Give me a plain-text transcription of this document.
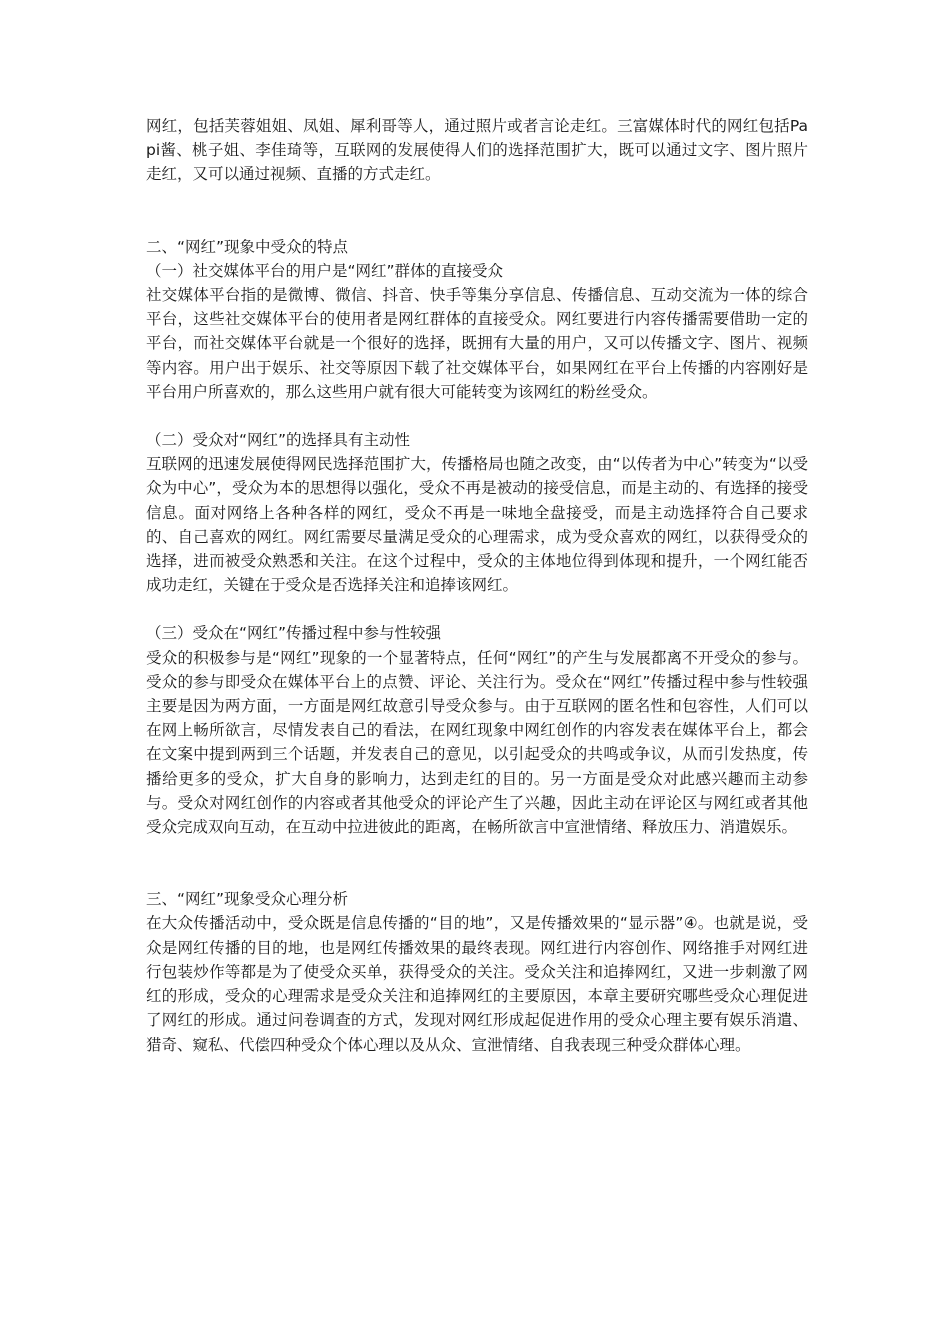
网红，包括芙蓉姐姐、凤姐、犀利哥等人，通过照片或者言论走红。三富媒体时代的网红包括Papi酱、桃子姐、李佳琦等，互联网的发展使得人们的选择范围扩大，既可以通过文字、图片照片走红，又可以通过视频、直播的方式走红。

二、“网红”现象中受众的特点

（一）社交媒体平台的用户是“网红”群体的直接受众

社交媒体平台指的是微博、微信、抖音、快手等集分享信息、传播信息、互动交流为一体的综合平台，这些社交媒体平台的使用者是网红群体的直接受众。网红要进行内容传播需要借助一定的平台，而社交媒体平台就是一个很好的选择，既拥有大量的用户，又可以传播文字、图片、视频等内容。用户出于娱乐、社交等原因下载了社交媒体平台，如果网红在平台上传播的内容刚好是平台用户所喜欢的，那么这些用户就有很大可能转变为该网红的粉丝受众。

（二）受众对“网红”的选择具有主动性

互联网的迅速发展使得网民选择范围扩大，传播格局也随之改变，由“以传者为中心”转变为“以受众为中心”，受众为本的思想得以强化，受众不再是被动的接受信息，而是主动的、有选择的接受信息。面对网络上各种各样的网红，受众不再是一味地全盘接受，而是主动选择符合自己要求的、自己喜欢的网红。网红需要尽量满足受众的心理需求，成为受众喜欢的网红，以获得受众的选择，进而被受众熟悉和关注。在这个过程中，受众的主体地位得到体现和提升，一个网红能否成功走红，关键在于受众是否选择关注和追捧该网红。

（三）受众在“网红”传播过程中参与性较强

受众的积极参与是“网红”现象的一个显著特点，任何“网红”的产生与发展都离不开受众的参与。受众的参与即受众在媒体平台上的点赞、评论、关注行为。受众在“网红”传播过程中参与性较强主要是因为两方面，一方面是网红故意引导受众参与。由于互联网的匿名性和包容性，人们可以在网上畅所欲言，尽情发表自己的看法，在网红现象中网红创作的内容发表在媒体平台上，都会在文案中提到两到三个话题，并发表自己的意见，以引起受众的共鸣或争议，从而引发热度，传播给更多的受众，扩大自身的影响力，达到走红的目的。另一方面是受众对此感兴趣而主动参与。受众对网红创作的内容或者其他受众的评论产生了兴趣，因此主动在评论区与网红或者其他受众完成双向互动，在互动中拉进彼此的距离，在畅所欲言中宣泄情绪、释放压力、消遣娱乐。

三、“网红”现象受众心理分析

在大众传播活动中，受众既是信息传播的“目的地”，又是传播效果的“显示器”④。也就是说，受众是网红传播的目的地，也是网红传播效果的最终表现。网红进行内容创作、网络推手对网红进行包装炒作等都是为了使受众买单，获得受众的关注。受众关注和追捧网红，又进一步刺激了网红的形成，受众的心理需求是受众关注和追捧网红的主要原因，本章主要研究哪些受众心理促进了网红的形成。通过问卷调查的方式，发现对网红形成起促进作用的受众心理主要有娱乐消遣、猎奇、窥私、代偿四种受众个体心理以及从众、宣泄情绪、自我表现三种受众群体心理。
